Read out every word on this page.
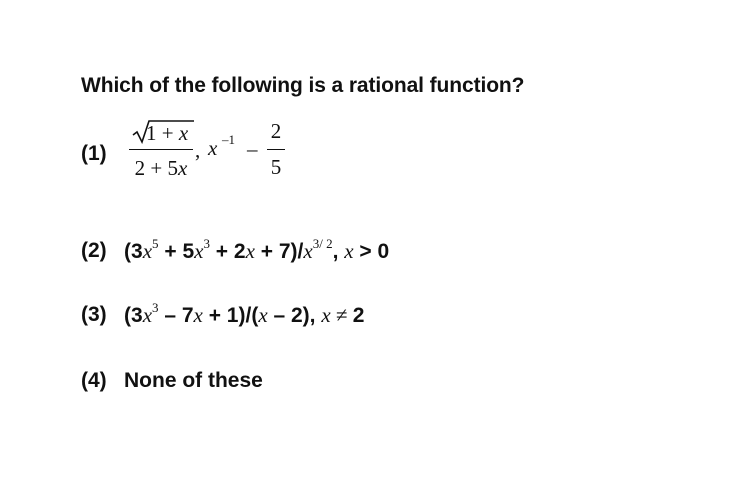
Which of the following is a rational function?
(1)
1 + x
2 + 5x
, x –1 –
2
5
(2) $(3x^5 + 5x^3 + 2x + 7)/x^{3/ 2}$, x > 0
(3) $(3x^3 - 7x + 1)/(x - 2)$, x ≠ 2
(4) None of these
